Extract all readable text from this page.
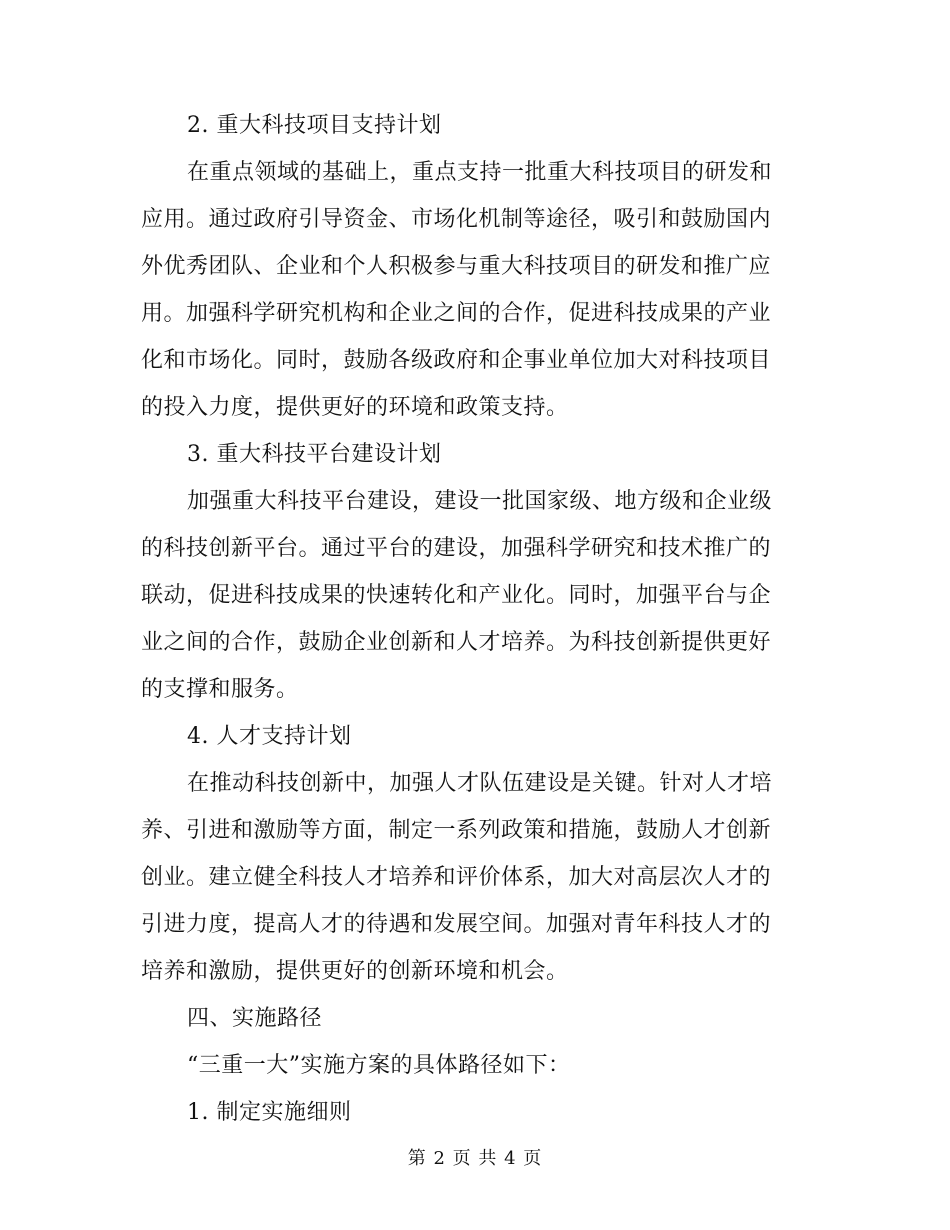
2. 重大科技项目支持计划
在重点领域的基础上，重点支持一批重大科技项目的研发和
应用。通过政府引导资金、市场化机制等途径，吸引和鼓励国内
外优秀团队、企业和个人积极参与重大科技项目的研发和推广应
用。加强科学研究机构和企业之间的合作，促进科技成果的产业
化和市场化。同时，鼓励各级政府和企事业单位加大对科技项目
的投入力度，提供更好的环境和政策支持。
3. 重大科技平台建设计划
加强重大科技平台建设，建设一批国家级、地方级和企业级
的科技创新平台。通过平台的建设，加强科学研究和技术推广的
联动，促进科技成果的快速转化和产业化。同时，加强平台与企
业之间的合作，鼓励企业创新和人才培养。为科技创新提供更好
的支撑和服务。
4. 人才支持计划
在推动科技创新中，加强人才队伍建设是关键。针对人才培
养、引进和激励等方面，制定一系列政策和措施，鼓励人才创新
创业。建立健全科技人才培养和评价体系，加大对高层次人才的
引进力度，提高人才的待遇和发展空间。加强对青年科技人才的
培养和激励，提供更好的创新环境和机会。
四、实施路径
“三重一大”实施方案的具体路径如下：
1. 制定实施细则
第 2 页 共 4 页
